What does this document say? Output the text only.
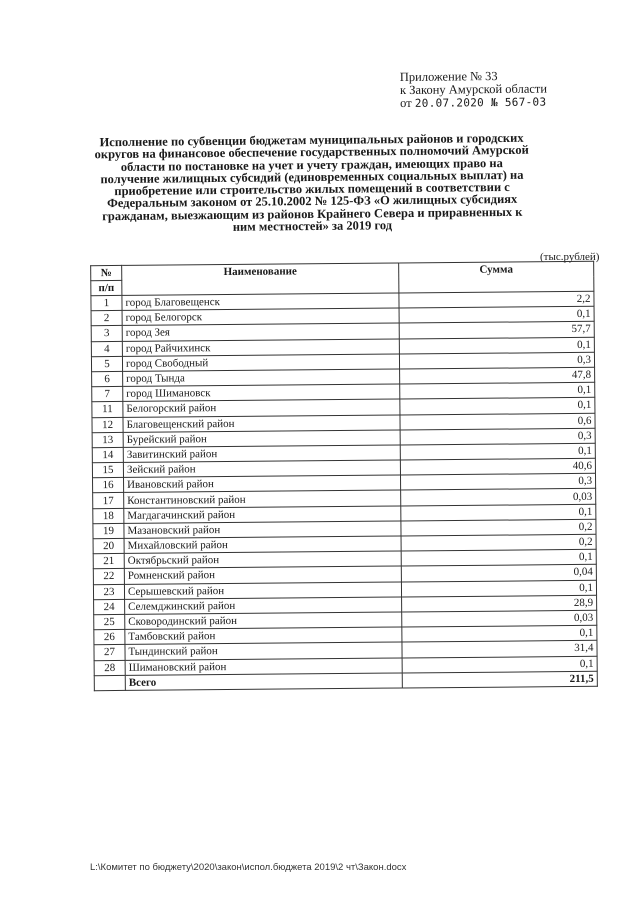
Приложение № 33
к Закону Амурской области
от 20.07.2020 № 567-03
Исполнение по субвенции бюджетам муниципальных районов и городских округов на финансовое обеспечение государственных полномочий Амурской области по постановке на учет и учету граждан, имеющих право на получение жилищных субсидий (единовременных социальных выплат) на приобретение или строительство жилых помещений в соответствии с Федеральным законом от 25.10.2002 № 125-ФЗ «О жилищных субсидиях гражданам, выезжающим из районов Крайнего Севера и приравненных к ним местностей» за 2019 год
(тыс.рублей)
№	Наименование	Сумма
п/п		
1	город Благовещенск	2,2
2	город Белогорск	0,1
3	город Зея	57,7
4	город Райчихинск	0,1
5	город Свободный	0,3
6	город Тында	47,8
7	город Шимановск	0,1
11	Белогорский район	0,1
12	Благовещенский район	0,6
13	Бурейский район	0,3
14	Завитинский район	0,1
15	Зейский район	40,6
16	Ивановский район	0,3
17	Константиновский район	0,03
18	Магдагачинский район	0,1
19	Мазановский район	0,2
20	Михайловский район	0,2
21	Октябрьский район	0,1
22	Ромненский район	0,04
23	Серышевский район	0,1
24	Селемджинский район	28,9
25	Сковородинский район	0,03
26	Тамбовский район	0,1
27	Тындинский район	31,4
28	Шимановский район	0,1
	Всего	211,5
L:\Комитет по бюджету\2020\закон\испол.бюджета 2019\2 чт\Закон.docx
